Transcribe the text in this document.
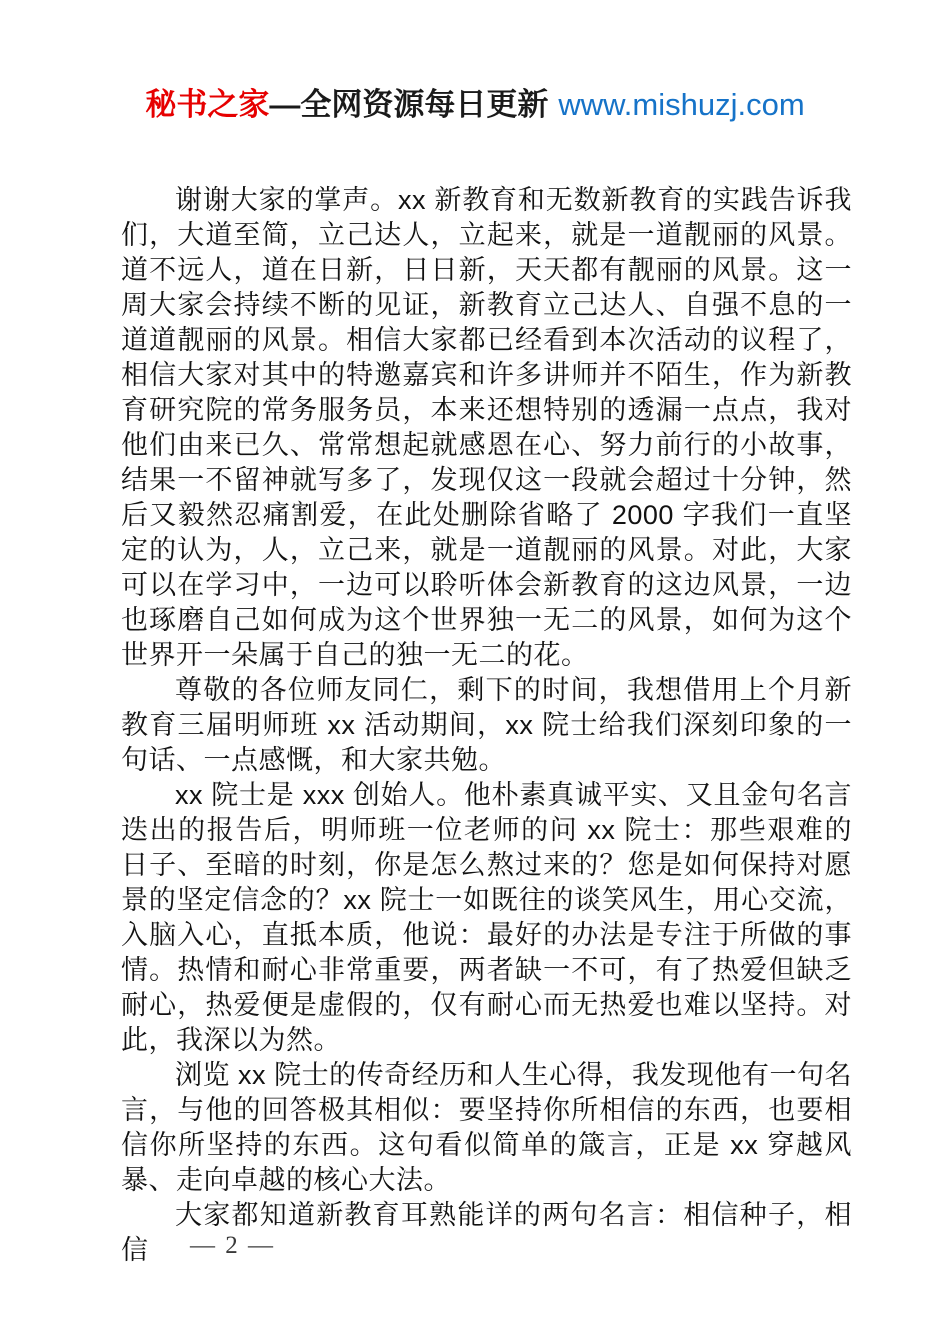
秘书之家—全网资源每日更新 www.mishuzj.com

谢谢大家的掌声。xx 新教育和无数新教育的实践告诉我们，大道至简，立己达人，立起来，就是一道靓丽的风景。道不远人，道在日新，日日新，天天都有靓丽的风景。这一周大家会持续不断的见证，新教育立己达人、自强不息的一道道靓丽的风景。相信大家都已经看到本次活动的议程了，相信大家对其中的特邀嘉宾和许多讲师并不陌生，作为新教育研究院的常务服务员，本来还想特别的透漏一点点，我对他们由来已久、常常想起就感恩在心、努力前行的小故事，结果一不留神就写多了，发现仅这一段就会超过十分钟，然后又毅然忍痛割爱，在此处删除省略了 2000 字我们一直坚定的认为，人，立己来，就是一道靓丽的风景。对此，大家可以在学习中，一边可以聆听体会新教育的这边风景，一边也琢磨自己如何成为这个世界独一无二的风景，如何为这个世界开一朵属于自己的独一无二的花。

尊敬的各位师友同仁，剩下的时间，我想借用上个月新教育三届明师班 xx 活动期间，xx 院士给我们深刻印象的一句话、一点感慨，和大家共勉。

xx 院士是 xxx 创始人。他朴素真诚平实、又且金句名言迭出的报告后，明师班一位老师的问 xx 院士：那些艰难的日子、至暗的时刻，你是怎么熬过来的？您是如何保持对愿景的坚定信念的？xx 院士一如既往的谈笑风生，用心交流，入脑入心，直抵本质，他说：最好的办法是专注于所做的事情。热情和耐心非常重要，两者缺一不可，有了热爱但缺乏耐心，热爱便是虚假的，仅有耐心而无热爱也难以坚持。对此，我深以为然。

浏览 xx 院士的传奇经历和人生心得，我发现他有一句名言，与他的回答极其相似：要坚持你所相信的东西，也要相信你所坚持的东西。这句看似简单的箴言，正是 xx 穿越风暴、走向卓越的核心大法。

大家都知道新教育耳熟能详的两句名言：相信种子，相信	— 2 —
